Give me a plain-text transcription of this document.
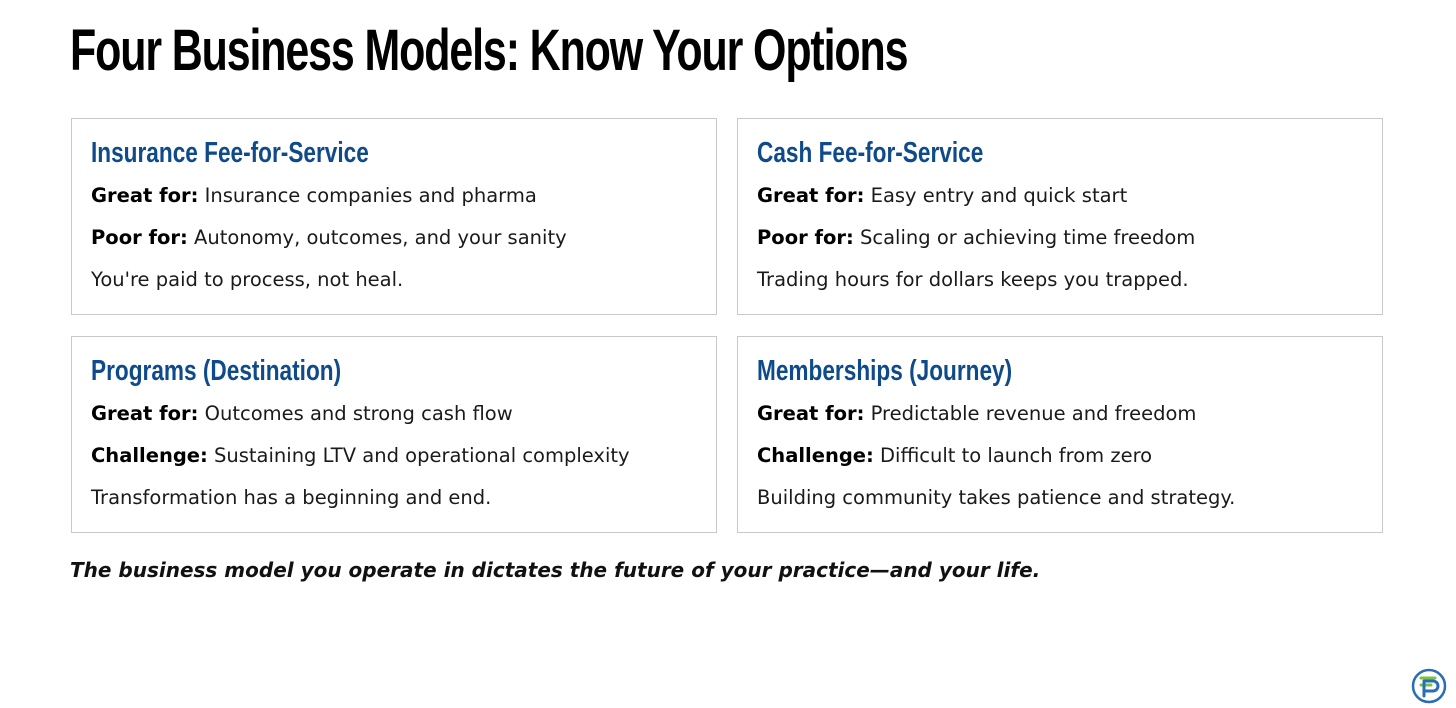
Four Business Models: Know Your Options
Insurance Fee-for-Service

Great for: Insurance companies and pharma

Poor for: Autonomy, outcomes, and your sanity

You're paid to process, not heal.

Cash Fee-for-Service

Great for: Easy entry and quick start

Poor for: Scaling or achieving time freedom

Trading hours for dollars keeps you trapped.

Programs (Destination)

Great for: Outcomes and strong cash flow

Challenge: Sustaining LTV and operational complexity

Transformation has a beginning and end.

Memberships (Journey)

Great for: Predictable revenue and freedom

Challenge: Difficult to launch from zero

Building community takes patience and strategy.

The business model you operate in dictates the future of your practice—and your life.
